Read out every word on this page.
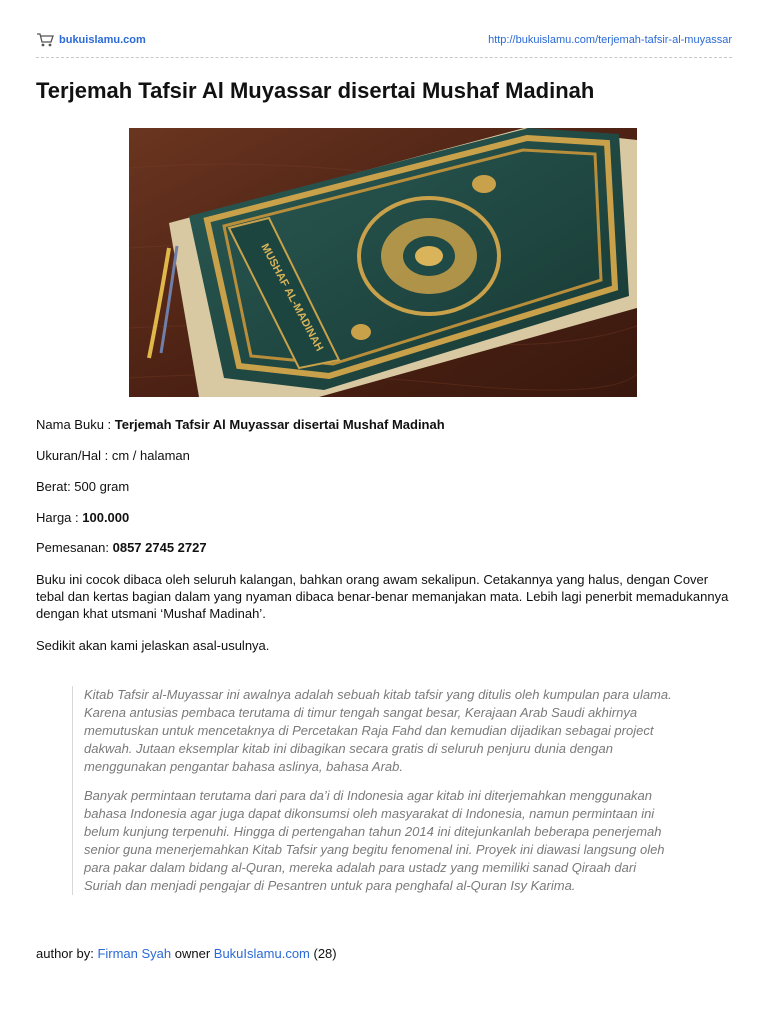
bukuislamu.com	http://bukuislamu.com/terjemah-tafsir-al-muyassar
Terjemah Tafsir Al Muyassar disertai Mushaf Madinah
MUSHAF AL-MADINAH
Nama Buku : Terjemah Tafsir Al Muyassar disertai Mushaf Madinah
Ukuran/Hal : cm / halaman
Berat: 500 gram
Harga : 100.000
Pemesanan: 0857 2745 2727

Buku ini cocok dibaca oleh seluruh kalangan, bahkan orang awam sekalipun. Cetakannya yang halus, dengan Cover tebal dan kertas bagian dalam yang nyaman dibaca benar-benar memanjakan mata. Lebih lagi penerbit memadukannya dengan khat utsmani ‘Mushaf Madinah’.

Sedikit akan kami jelaskan asal-usulnya.

Kitab Tafsir al-Muyassar ini awalnya adalah sebuah kitab tafsir yang ditulis oleh kumpulan para ulama. Karena antusias pembaca terutama di timur tengah sangat besar, Kerajaan Arab Saudi akhirnya memutuskan untuk mencetaknya di Percetakan Raja Fahd dan kemudian dijadikan sebagai project dakwah. Jutaan eksemplar kitab ini dibagikan secara gratis di seluruh penjuru dunia dengan menggunakan pengantar bahasa aslinya, bahasa Arab.

Banyak permintaan terutama dari para da’i di Indonesia agar kitab ini diterjemahkan menggunakan bahasa Indonesia agar juga dapat dikonsumsi oleh masyarakat di Indonesia, namun permintaan ini belum kunjung terpenuhi. Hingga di pertengahan tahun 2014 ini ditejunkanlah beberapa penerjemah senior guna menerjemahkan Kitab Tafsir yang begitu fenomenal ini. Proyek ini diawasi langsung oleh para pakar dalam bidang al-Quran, mereka adalah para ustadz yang memiliki sanad Qiraah dari Suriah dan menjadi pengajar di Pesantren untuk para penghafal al-Quran Isy Karima.

author by: Firman Syah owner BukuIslamu.com (28)
